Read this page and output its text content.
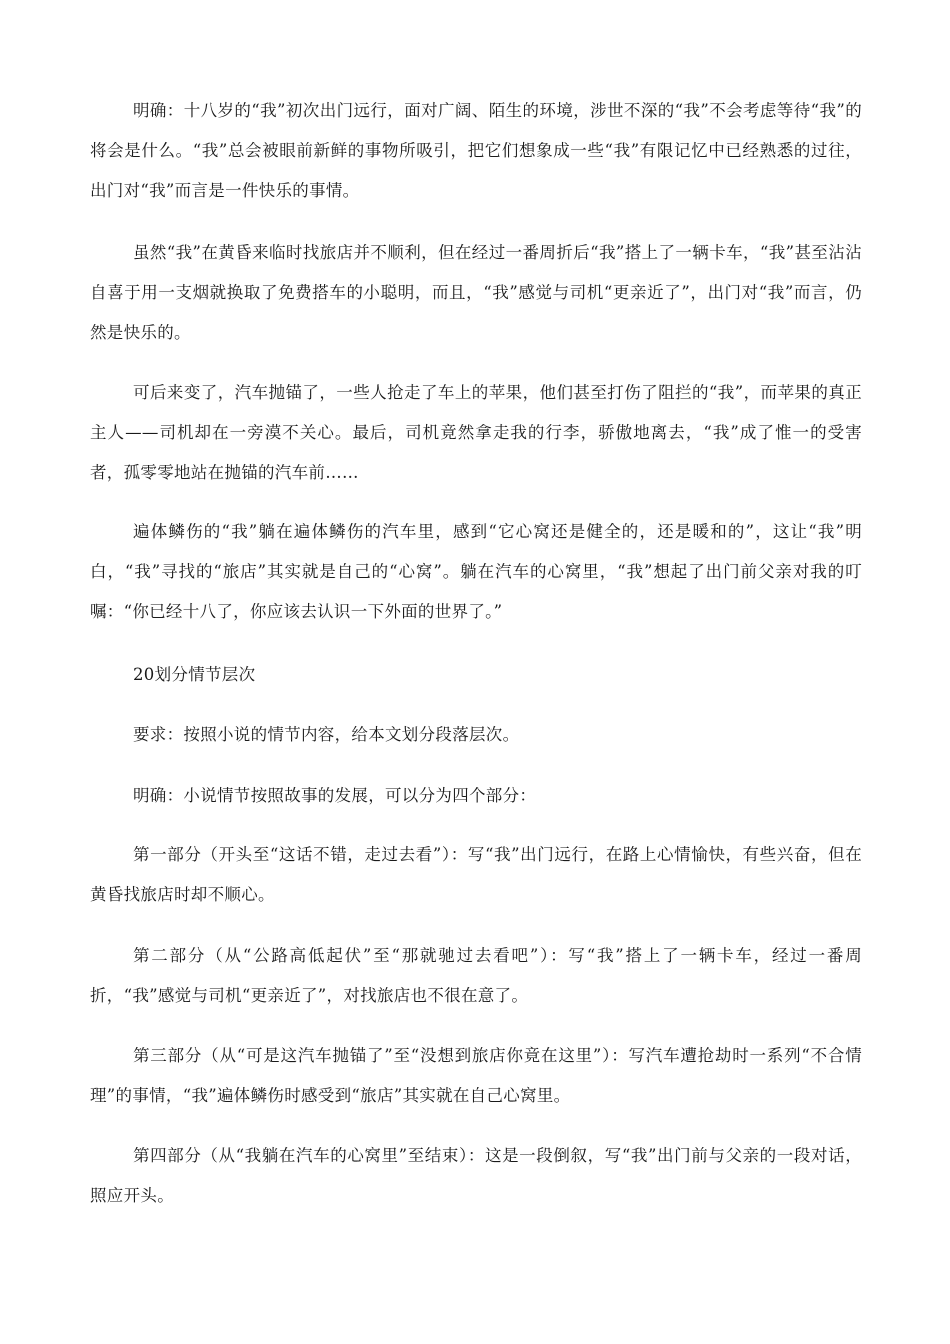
明确：十八岁的“我”初次出门远行，面对广阔、陌生的环境，涉世不深的“我”不会考虑等待“我”的将会是什么。“我”总会被眼前新鲜的事物所吸引，把它们想象成一些“我”有限记忆中已经熟悉的过往，出门对“我”而言是一件快乐的事情。

虽然“我”在黄昏来临时找旅店并不顺利，但在经过一番周折后“我”搭上了一辆卡车，“我”甚至沾沾自喜于用一支烟就换取了免费搭车的小聪明，而且，“我”感觉与司机“更亲近了”，出门对“我”而言，仍然是快乐的。

可后来变了，汽车抛锚了，一些人抢走了车上的苹果，他们甚至打伤了阻拦的“我”，而苹果的真正主人——司机却在一旁漠不关心。最后，司机竟然拿走我的行李，骄傲地离去，“我”成了惟一的受害者，孤零零地站在抛锚的汽车前……

遍体鳞伤的“我”躺在遍体鳞伤的汽车里，感到“它心窝还是健全的，还是暖和的”，这让“我”明白，“我”寻找的“旅店”其实就是自己的“心窝”。躺在汽车的心窝里，“我”想起了出门前父亲对我的叮嘱：“你已经十八了，你应该去认识一下外面的世界了。”

20划分情节层次

要求：按照小说的情节内容，给本文划分段落层次。

明确：小说情节按照故事的发展，可以分为四个部分：

第一部分（开头至“这话不错，走过去看”）：写“我”出门远行，在路上心情愉快，有些兴奋，但在黄昏找旅店时却不顺心。

第二部分（从“公路高低起伏”至“那就驰过去看吧”）：写“我”搭上了一辆卡车，经过一番周折，“我”感觉与司机“更亲近了”，对找旅店也不很在意了。

第三部分（从“可是这汽车抛锚了”至“没想到旅店你竟在这里”）：写汽车遭抢劫时一系列“不合情理”的事情，“我”遍体鳞伤时感受到“旅店”其实就在自己心窝里。

第四部分（从“我躺在汽车的心窝里”至结束）：这是一段倒叙，写“我”出门前与父亲的一段对话，照应开头。
